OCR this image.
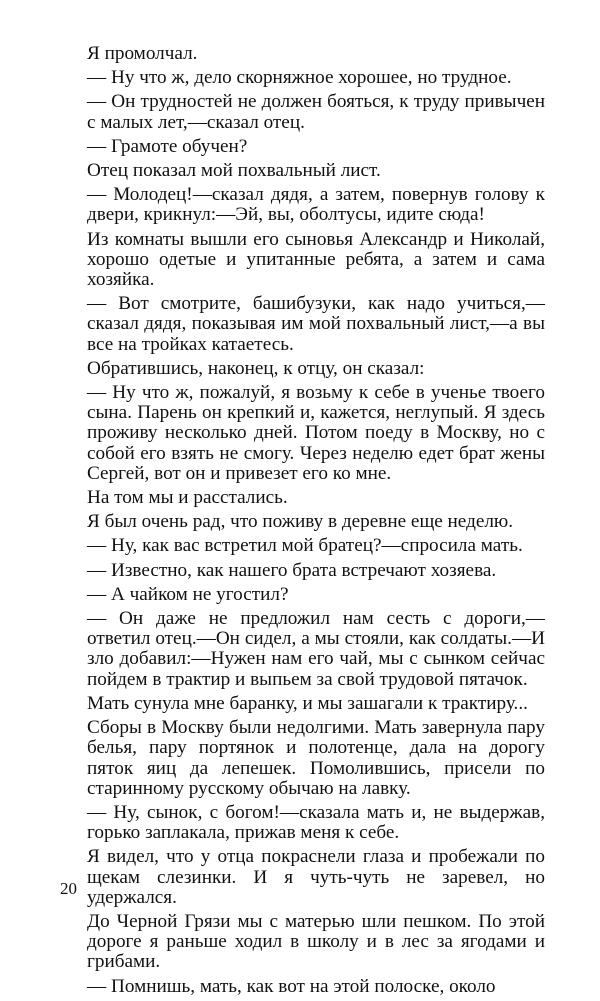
Я промолчал.

— Ну что ж, дело скорняжное хорошее, но трудное.

— Он трудностей не должен бояться, к труду привычен с малых лет,—сказал отец.

— Грамоте обучен?

Отец показал мой похвальный лист.

— Молодец!—сказал дядя, а затем, повернув голову к двери, крикнул:—Эй, вы, оболтусы, идите сюда!

Из комнаты вышли его сыновья Александр и Николай, хорошо одетые и упитанные ребята, а затем и сама хозяйка.

— Вот смотрите, башибузуки, как надо учиться,— сказал дядя, показывая им мой похвальный лист,—а вы все на тройках катаетесь.

Обратившись, наконец, к отцу, он сказал:

— Ну что ж, пожалуй, я возьму к себе в ученье твоего сына. Парень он крепкий и, кажется, неглупый. Я здесь проживу несколько дней. Потом поеду в Москву, но с собой его взять не смогу. Через неделю едет брат жены Сергей, вот он и привезет его ко мне.

На том мы и расстались.

Я был очень рад, что поживу в деревне еще неделю.

— Ну, как вас встретил мой братец?—спросила мать.

— Известно, как нашего брата встречают хозяева.

— А чайком не угостил?

— Он даже не предложил нам сесть с дороги,— ответил отец.—Он сидел, а мы стояли, как солдаты.—И зло добавил:—Нужен нам его чай, мы с сынком сейчас пойдем в трактир и выпьем за свой трудовой пятачок.

Мать сунула мне баранку, и мы зашагали к трактиру...

Сборы в Москву были недолгими. Мать завернула пару белья, пару портянок и полотенце, дала на дорогу пяток яиц да лепешек. Помолившись, присели по старинному русскому обычаю на лавку.

— Ну, сынок, с богом!—сказала мать и, не выдержав, горько заплакала, прижав меня к себе.

Я видел, что у отца покраснели глаза и пробежали по щекам слезинки. И я чуть-чуть не заревел, но удержался.

До Черной Грязи мы с матерью шли пешком. По этой дороге я раньше ходил в школу и в лес за ягодами и грибами.

— Помнишь, мать, как вот на этой полоске, около

20
